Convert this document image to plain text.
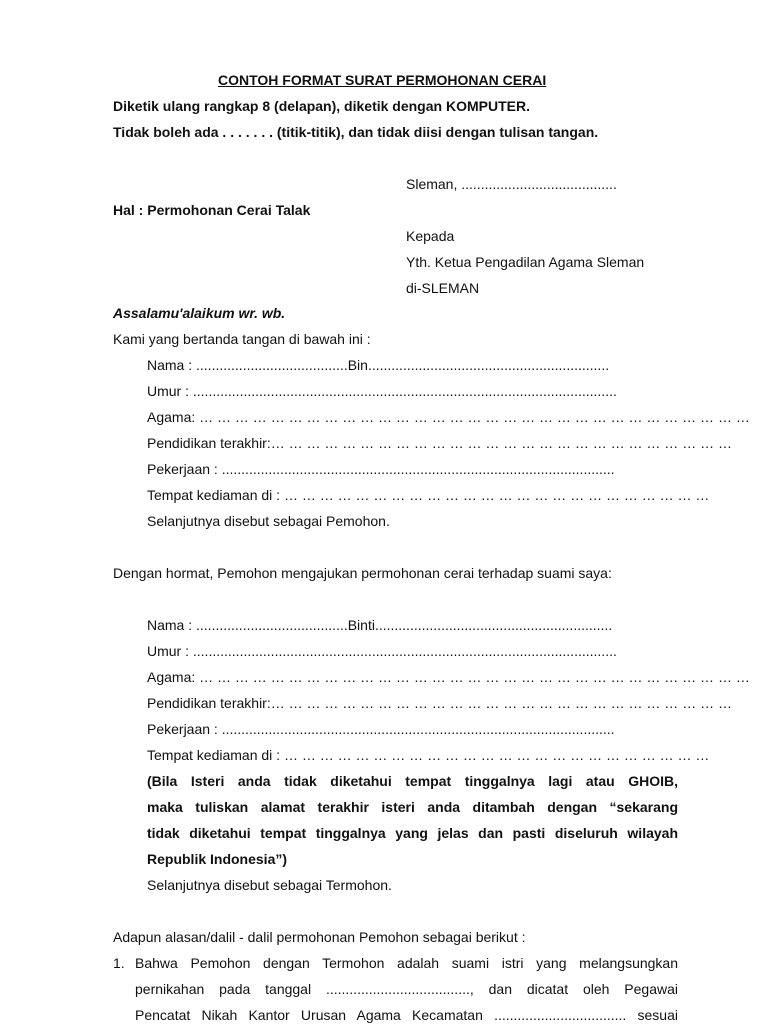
CONTOH FORMAT SURAT PERMOHONAN CERAI
Diketik ulang rangkap 8 (delapan), diketik dengan KOMPUTER.
Tidak boleh ada . . . . . . . (titik-titik), dan tidak diisi dengan tulisan tangan.
Sleman, ........................................
Hal : Permohonan Cerai Talak
Kepada
Yth. Ketua Pengadilan Agama Sleman
di-SLEMAN
Assalamu'alaikum wr. wb.
Kami yang bertanda tangan di bawah ini :
Nama : .......................................Bin..............................................................
Umur : .............................................................................................................
Agama: … … … … … … … … … … … … … … … … … … … … … … … … … … … … … … …
Pendidikan terakhir:… … … … … … … … … … … … … … … … … … … … … … … … … …
Pekerjaan : .....................................................................................................
Tempat kediaman di : … … … … … … … … … … … … … … … … … … … … … … … …
Selanjutnya disebut sebagai Pemohon.
Dengan hormat, Pemohon mengajukan permohonan cerai terhadap suami saya:
Nama : .......................................Binti.............................................................
Umur : .............................................................................................................
Agama: … … … … … … … … … … … … … … … … … … … … … … … … … … … … … … …
Pendidikan terakhir:… … … … … … … … … … … … … … … … … … … … … … … … … …
Pekerjaan : .....................................................................................................
Tempat kediaman di : … … … … … … … … … … … … … … … … … … … … … … … …
(Bila Isteri anda tidak diketahui tempat tinggalnya lagi atau GHOIB,
maka tuliskan alamat terakhir isteri anda ditambah dengan “sekarang
tidak diketahui tempat tinggalnya yang jelas dan pasti diseluruh wilayah
Republik Indonesia”)
Selanjutnya disebut sebagai Termohon.
Adapun alasan/dalil - dalil permohonan Pemohon sebagai berikut :
1. Bahwa Pemohon dengan Termohon adalah suami istri yang melangsungkan
pernikahan pada tanggal ....................................., dan dicatat oleh Pegawai
Pencatat Nikah Kantor Urusan Agama Kecamatan .................................. sesuai
